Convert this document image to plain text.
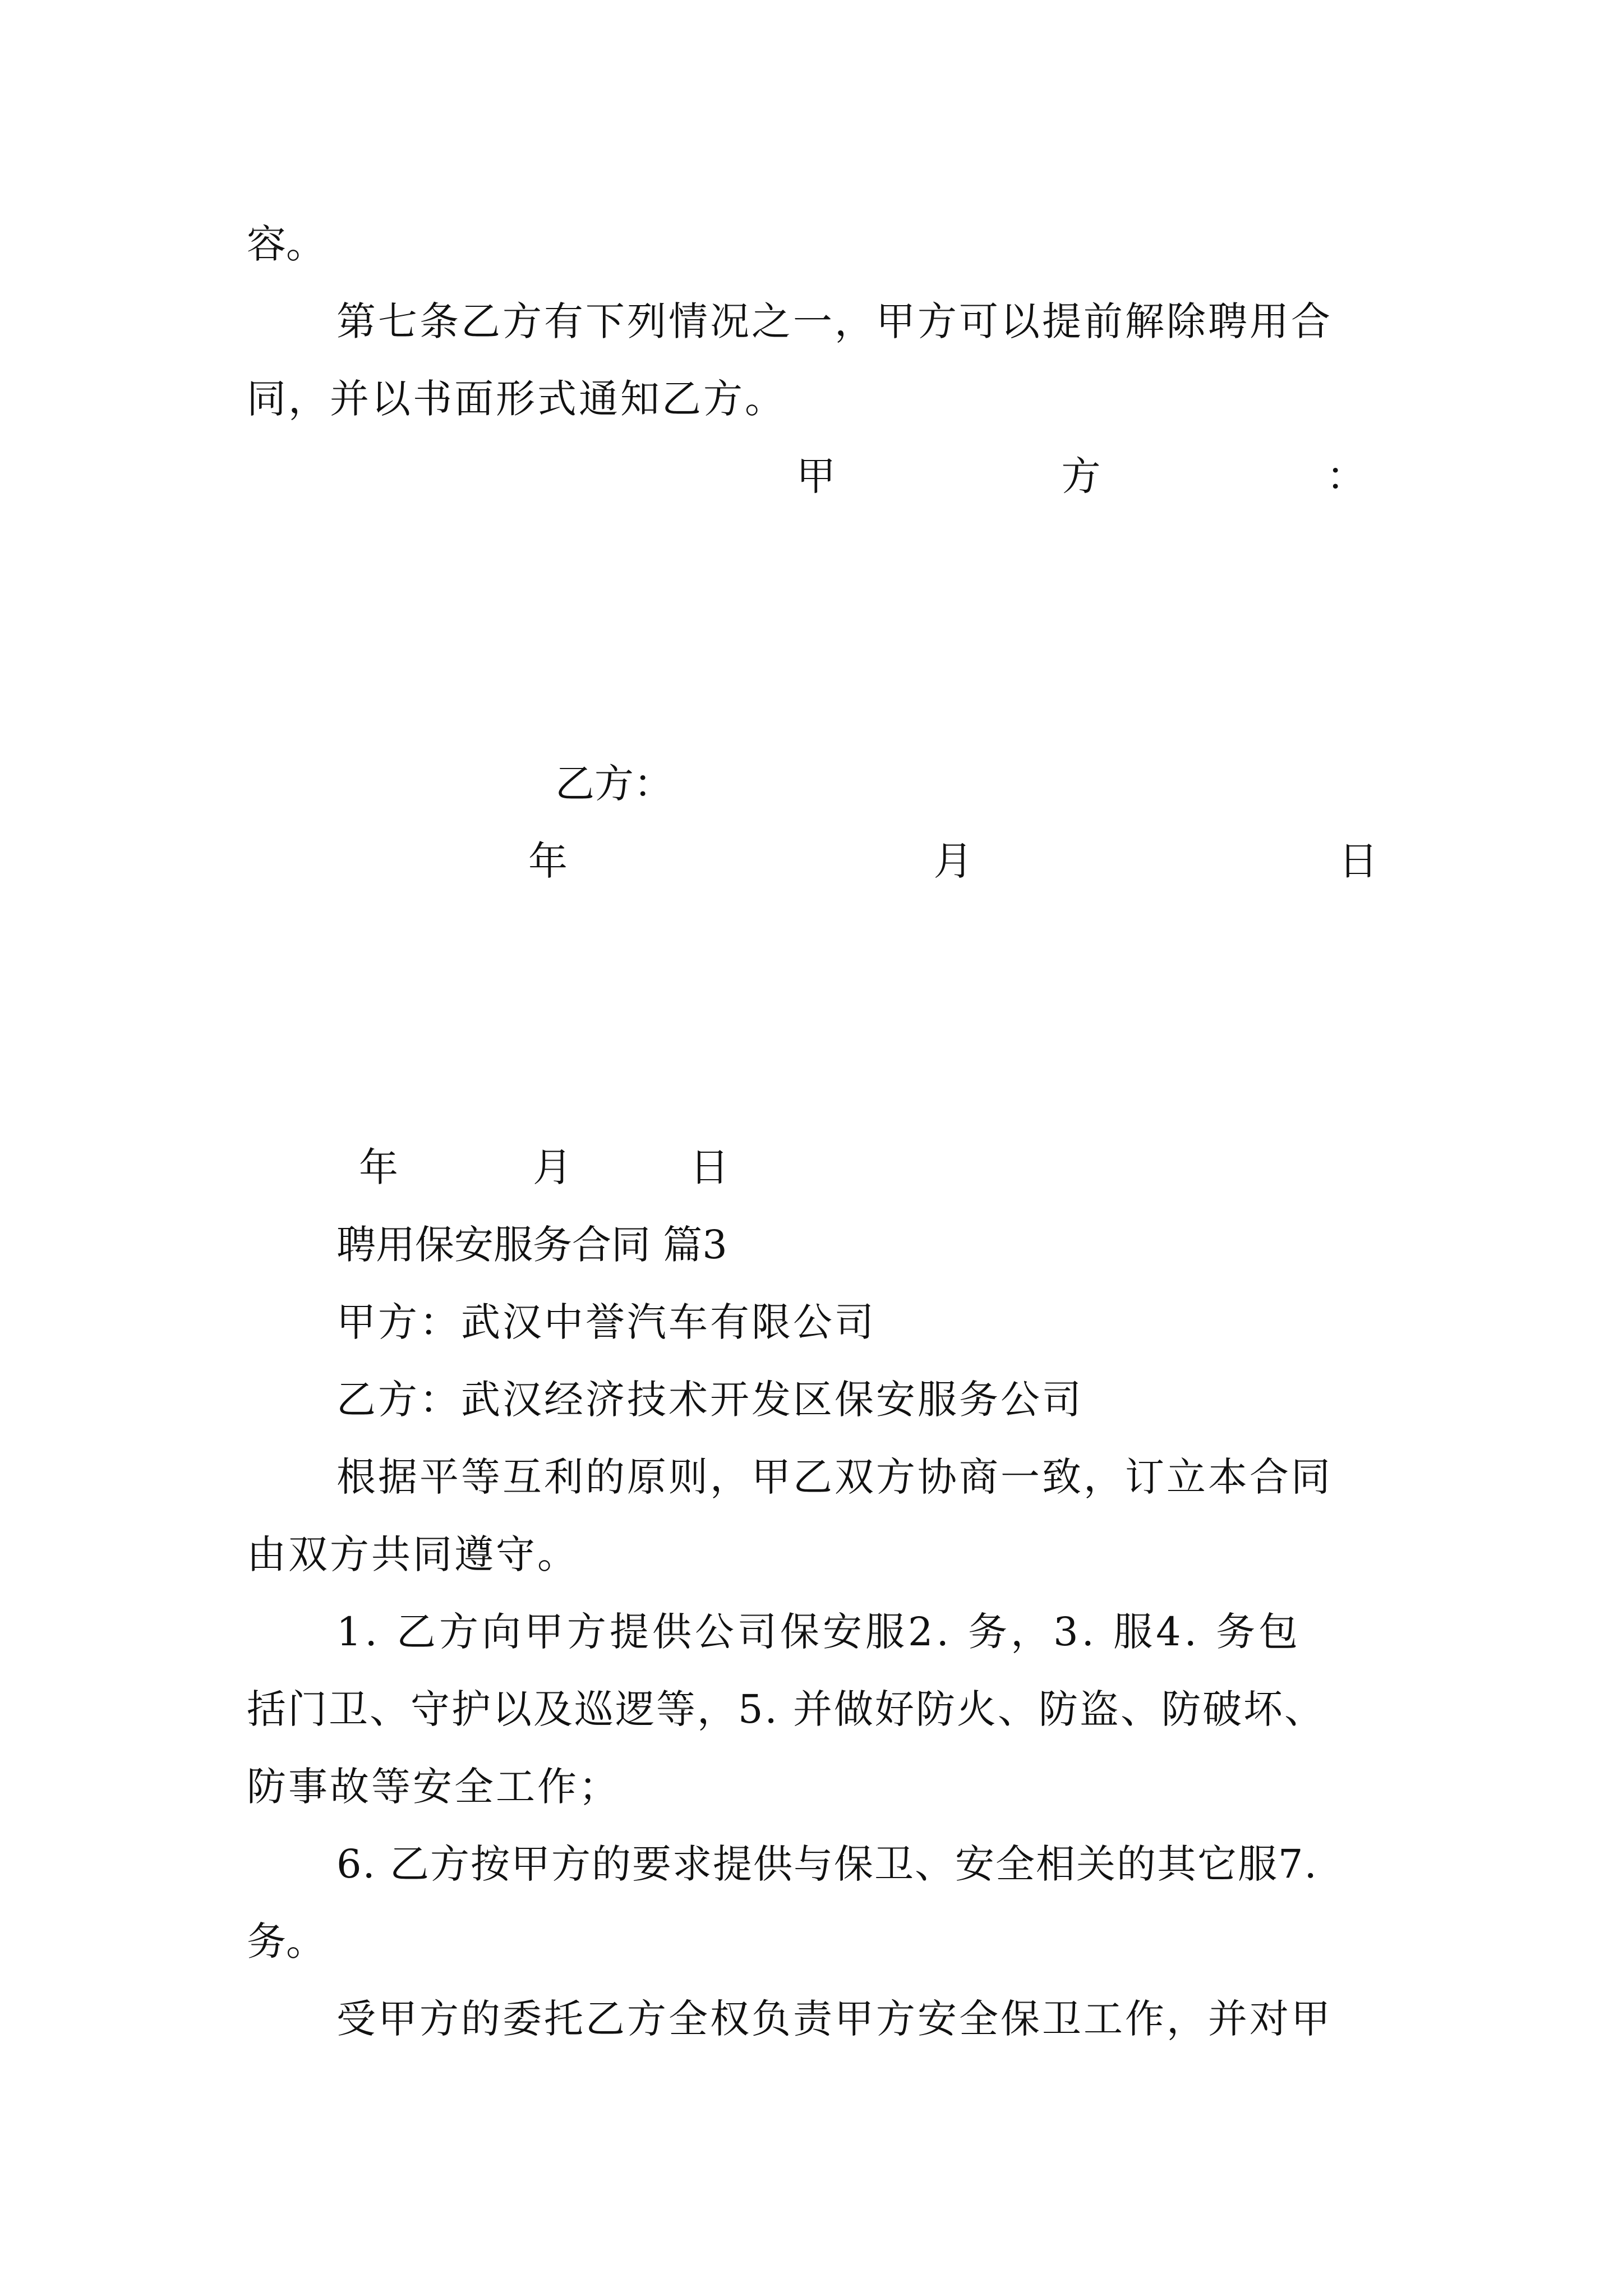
容。
第七条乙方有下列情况之一，甲方可以提前解除聘用合
同，并以书面形式通知乙方。
甲	方	：
乙方：
年	月	日
年	月	日
聘用保安服务合同 篇3
甲方：武汉中誉汽车有限公司
乙方：武汉经济技术开发区保安服务公司
根据平等互利的原则，甲乙双方协商一致，订立本合同
由双方共同遵守。
1. 乙方向甲方提供公司保安服2. 务，3. 服4. 务包
括门卫、守护以及巡逻等，5. 并做好防火、防盗、防破坏、
防事故等安全工作；
6. 乙方按甲方的要求提供与保卫、安全相关的其它服7.
务。
受甲方的委托乙方全权负责甲方安全保卫工作，并对甲
